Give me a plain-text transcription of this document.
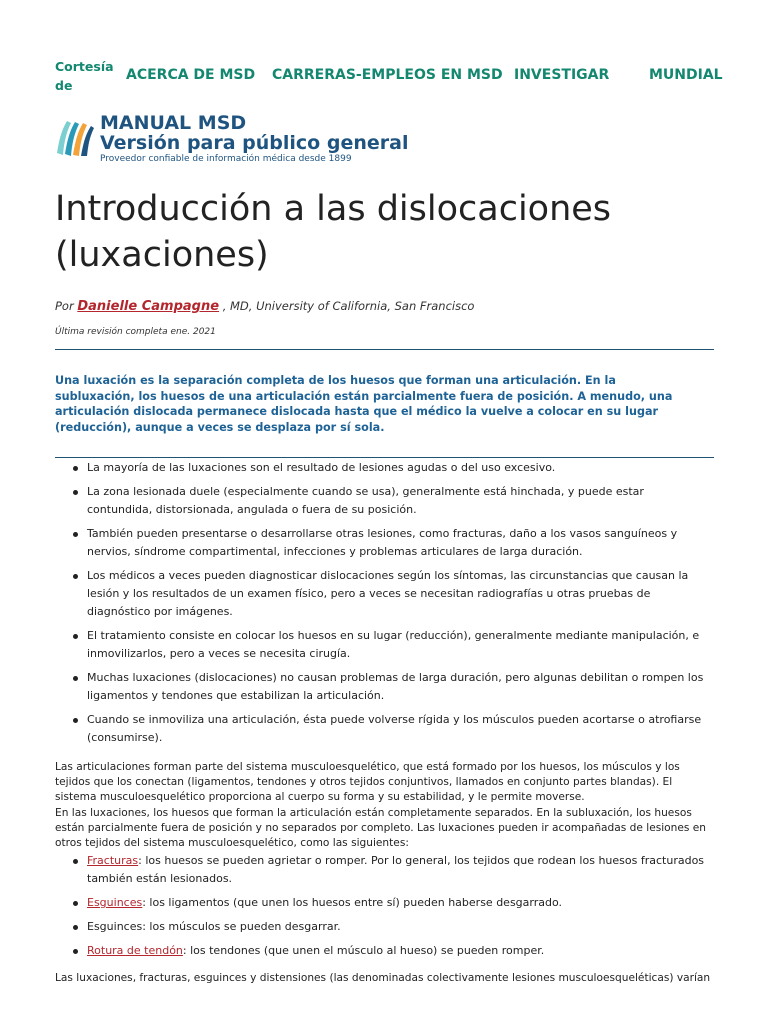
Cortesía de
ACERCA DE MSD CARRERAS-EMPLEOS EN MSD INVESTIGAR	MUNDIAL
MANUAL MSD
Versión para público general
Proveedor confiable de información médica desde 1899
Introducción a las dislocaciones (luxaciones)
Por Danielle Campagne , MD, University of California, San Francisco
Última revisión completa ene. 2021

Una luxación es la separación completa de los huesos que forman una articulación. En la subluxación, los huesos de una articulación están parcialmente fuera de posición. A menudo, una articulación dislocada permanece dislocada hasta que el médico la vuelve a colocar en su lugar (reducción), aunque a veces se desplaza por sí sola.

La mayoría de las luxaciones son el resultado de lesiones agudas o del uso excesivo.
La zona lesionada duele (especialmente cuando se usa), generalmente está hinchada, y puede estar contundida, distorsionada, angulada o fuera de su posición.
También pueden presentarse o desarrollarse otras lesiones, como fracturas, daño a los vasos sanguíneos y nervios, síndrome compartimental, infecciones y problemas articulares de larga duración.
Los médicos a veces pueden diagnosticar dislocaciones según los síntomas, las circunstancias que causan la lesión y los resultados de un examen físico, pero a veces se necesitan radiografías u otras pruebas de diagnóstico por imágenes.
El tratamiento consiste en colocar los huesos en su lugar (reducción), generalmente mediante manipulación, e inmovilizarlos, pero a veces se necesita cirugía.
Muchas luxaciones (dislocaciones) no causan problemas de larga duración, pero algunas debilitan o rompen los ligamentos y tendones que estabilizan la articulación.
Cuando se inmoviliza una articulación, ésta puede volverse rígida y los músculos pueden acortarse o atrofiarse (consumirse).

Las articulaciones forman parte del sistema musculoesquelético, que está formado por los huesos, los músculos y los tejidos que los conectan (ligamentos, tendones y otros tejidos conjuntivos, llamados en conjunto partes blandas). El sistema musculoesquelético proporciona al cuerpo su forma y su estabilidad, y le permite moverse.

En las luxaciones, los huesos que forman la articulación están completamente separados. En la subluxación, los huesos están parcialmente fuera de posición y no separados por completo. Las luxaciones pueden ir acompañadas de lesiones en otros tejidos del sistema musculoesquelético, como las siguientes:

Fracturas: los huesos se pueden agrietar o romper. Por lo general, los tejidos que rodean los huesos fracturados también están lesionados.
Esguinces: los ligamentos (que unen los huesos entre sí) pueden haberse desgarrado.
Esguinces: los músculos se pueden desgarrar.
Rotura de tendón: los tendones (que unen el músculo al hueso) se pueden romper.

Las luxaciones, fracturas, esguinces y distensiones (las denominadas colectivamente lesiones musculoesqueléticas) varían
